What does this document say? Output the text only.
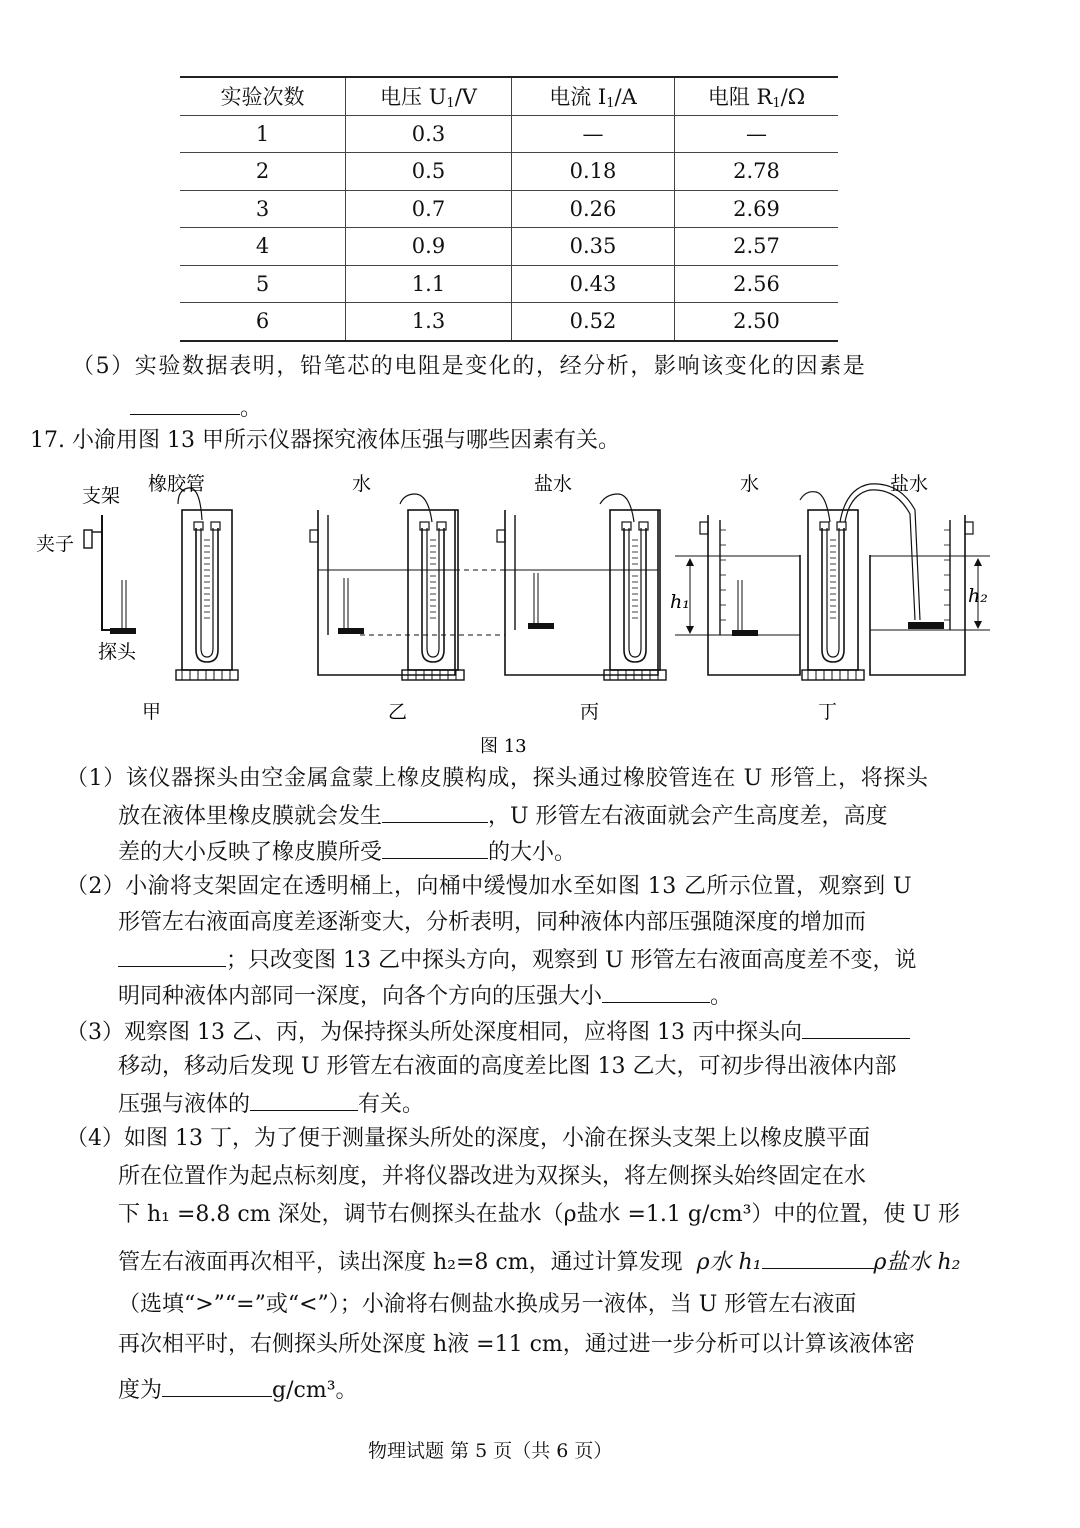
实验次数	电压 $U_1/V$	电流 $I_1/A$	电阻 $R_1/\Omega$
1	0.3	—	—
2	0.5	0.18	2.78
3	0.7	0.26	2.69
4	0.9	0.35	2.57
5	1.1	0.43	2.56
6	1.3	0.52	2.50
（5）实验数据表明，铅笔芯的电阻是变化的，经分析，影响该变化的因素是
。
17. 小渝用图 13 甲所示仪器探究液体压强与哪些因素有关。
支架
橡胶管
夹子
探头
甲
水
乙
盐水
丙
h₁	h₂
水	盐水
丁
图 13
（1）该仪器探头由空金属盒蒙上橡皮膜构成，探头通过橡胶管连在 U 形管上，将探头
放在液体里橡皮膜就会发生	，U 形管左右液面就会产生高度差，高度
差的大小反映了橡皮膜所受	的大小。
（2）小渝将支架固定在透明桶上，向桶中缓慢加水至如图 13 乙所示位置，观察到 U
形管左右液面高度差逐渐变大，分析表明，同种液体内部压强随深度的增加而
；只改变图 13 乙中探头方向，观察到 U 形管左右液面高度差不变，说
明同种液体内部同一深度，向各个方向的压强大小	。
（3）观察图 13 乙、丙，为保持探头所处深度相同，应将图 13 丙中探头向
移动，移动后发现 U 形管左右液面的高度差比图 13 乙大，可初步得出液体内部
压强与液体的	有关。
（4）如图 13 丁，为了便于测量探头所处的深度，小渝在探头支架上以橡皮膜平面
所在位置作为起点标刻度，并将仪器改进为双探头，将左侧探头始终固定在水
下 h₁ =8.8 cm 深处，调节右侧探头在盐水（ρ盐水 =1.1 g/cm³）中的位置，使 U 形
管左右液面再次相平，读出深度 h₂=8 cm，通过计算发现 ρ水 h₁	ρ盐水 h₂
（选填“>”“=”或“<”）；小渝将右侧盐水换成另一液体，当 U 形管左右液面
再次相平时，右侧探头所处深度 h液 =11 cm，通过进一步分析可以计算该液体密
度为	g/cm³。
物理试题 第 5 页（共 6 页）
